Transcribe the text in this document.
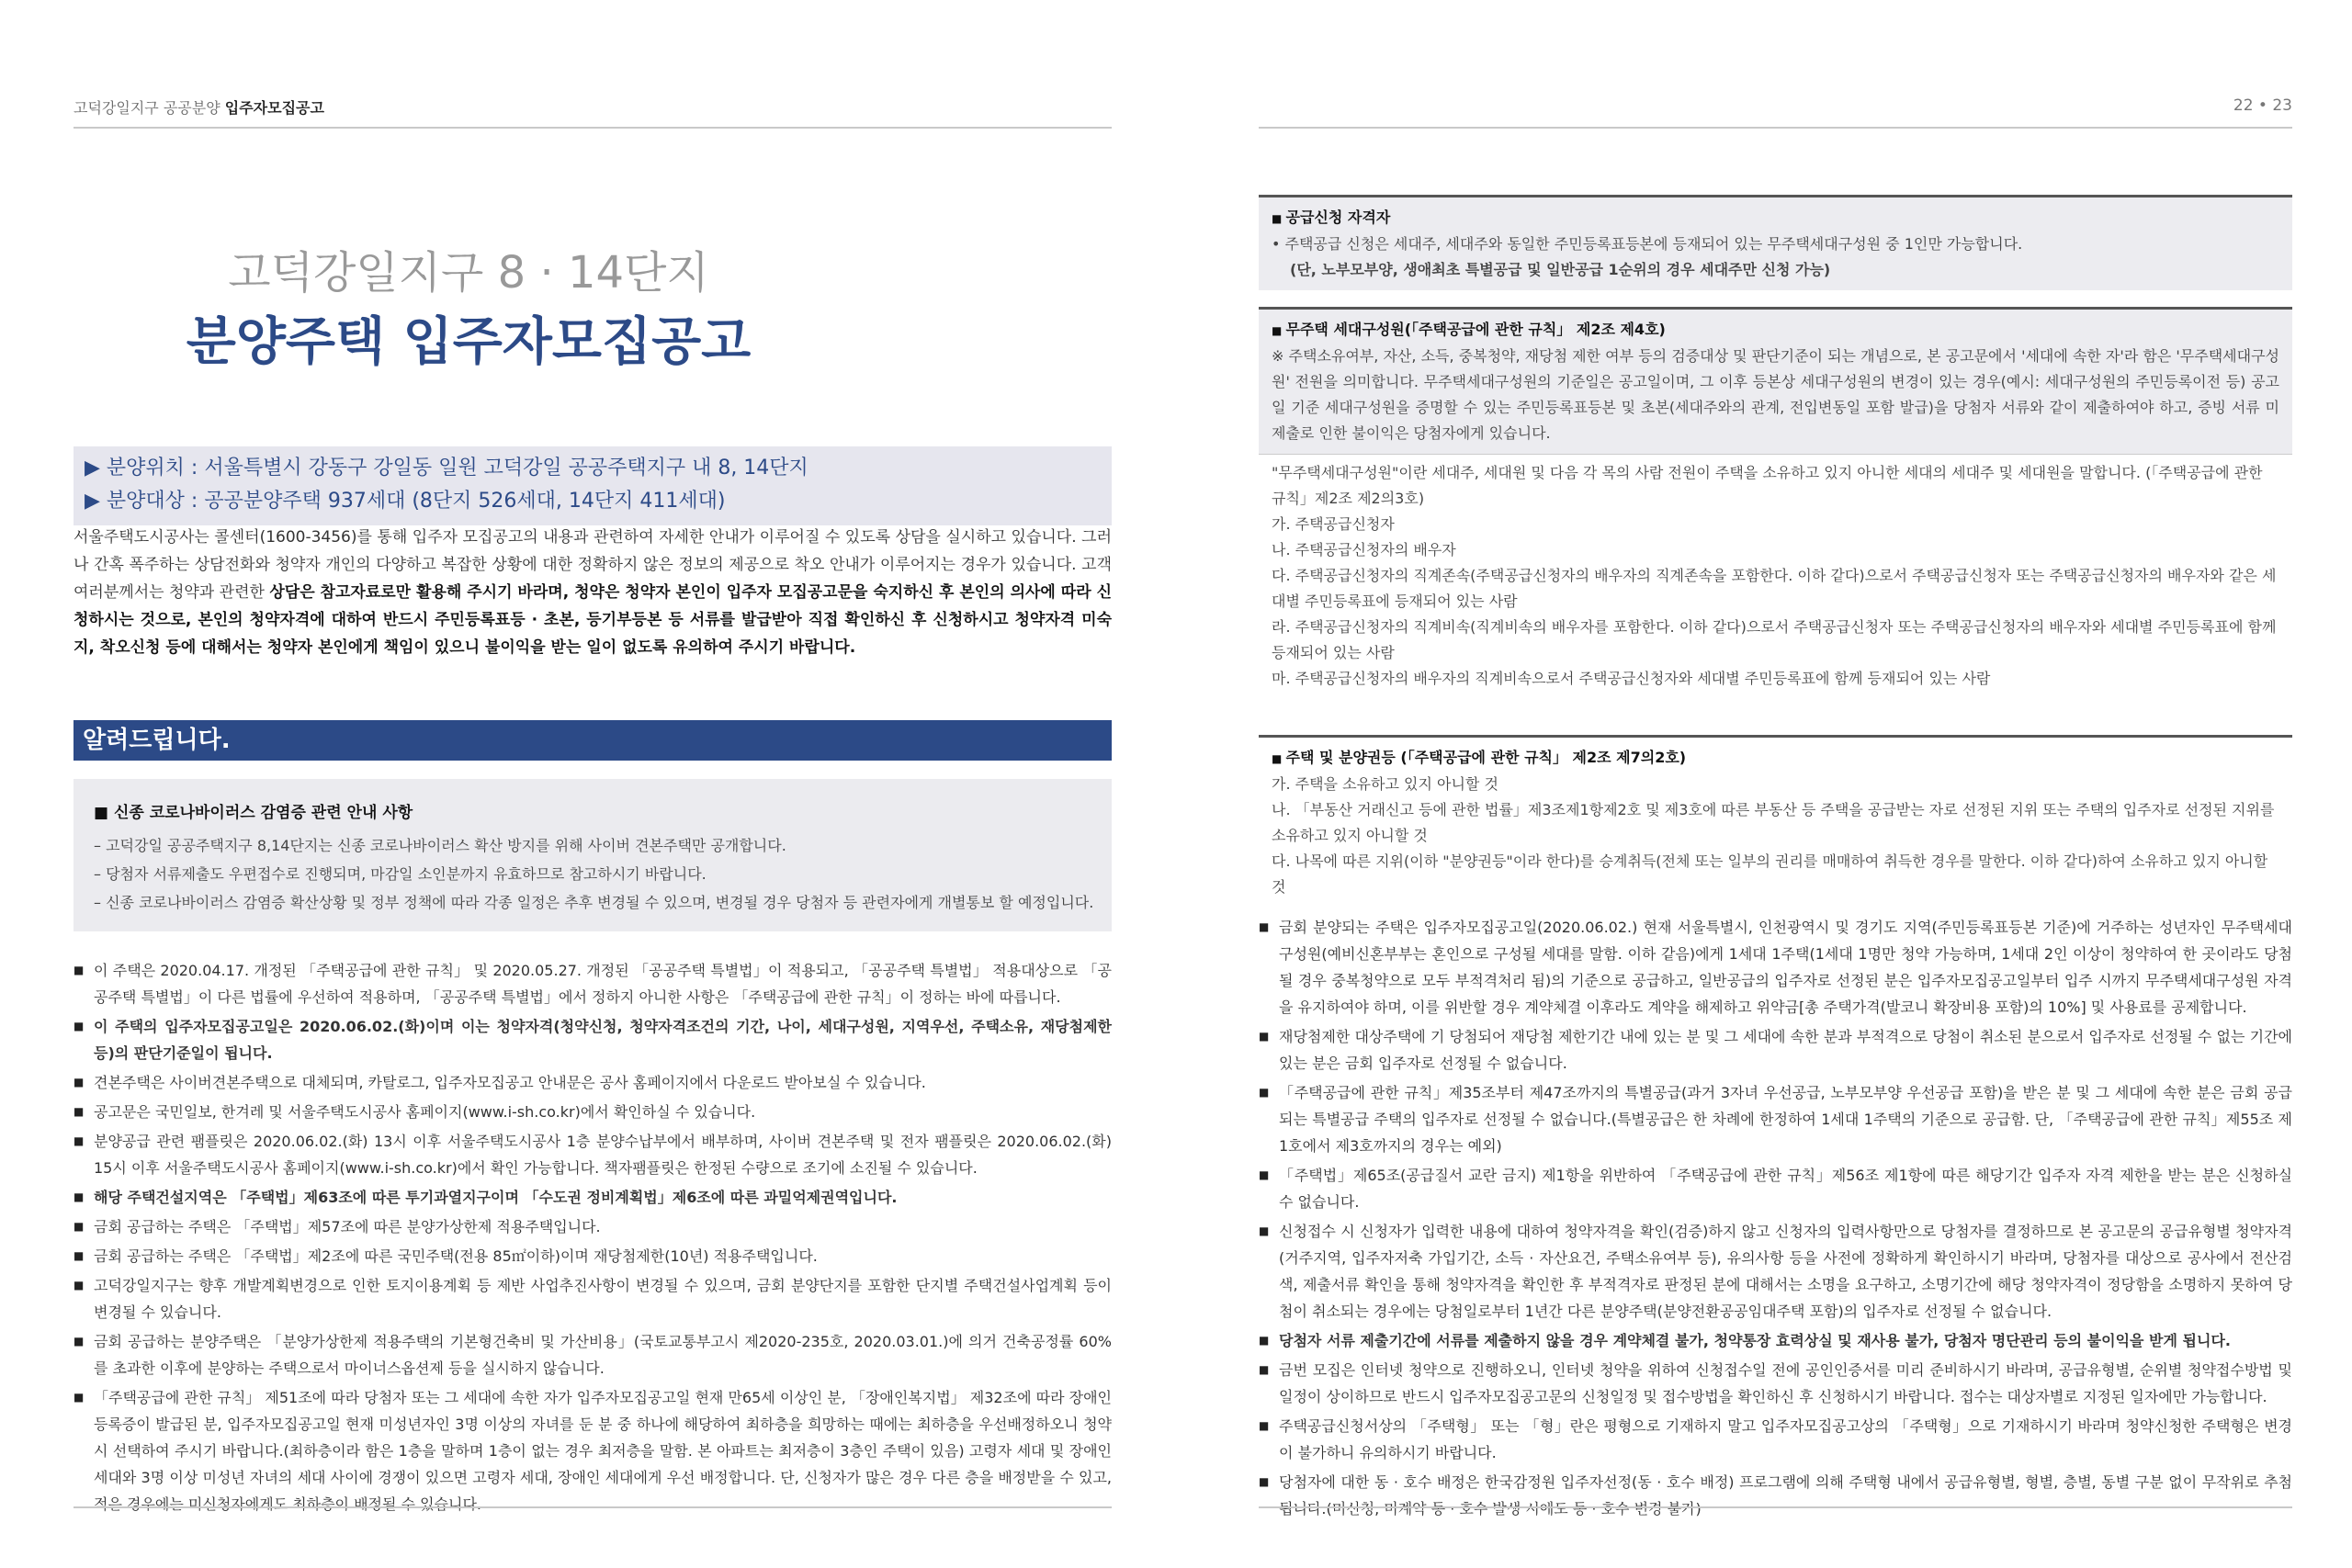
고덕강일지구 공공분양 입주자모집공고
고덕강일지구 8 · 14단지
분양주택 입주자모집공고
▶ 분양위치 : 서울특별시 강동구 강일동 일원 고덕강일 공공주택지구 내 8, 14단지
▶ 분양대상 : 공공분양주택 937세대 (8단지 526세대, 14단지 411세대)
서울주택도시공사는 콜센터(1600-3456)를 통해 입주자 모집공고의 내용과 관련하여 자세한 안내가 이루어질 수 있도록 상담을 실시하고 있습니다. 그러나 간혹 폭주하는 상담전화와 청약자 개인의 다양하고 복잡한 상황에 대한 정확하지 않은 정보의 제공으로 착오 안내가 이루어지는 경우가 있습니다. 고객 여러분께서는 청약과 관련한 상담은 참고자료로만 활용해 주시기 바라며, 청약은 청약자 본인이 입주자 모집공고문을 숙지하신 후 본인의 의사에 따라 신청하시는 것으로, 본인의 청약자격에 대하여 반드시 주민등록표등 · 초본, 등기부등본 등 서류를 발급받아 직접 확인하신 후 신청하시고 청약자격 미숙지, 착오신청 등에 대해서는 청약자 본인에게 책임이 있으니 불이익을 받는 일이 없도록 유의하여 주시기 바랍니다.
알려드립니다.
■ 신종 코로나바이러스 감염증 관련 안내 사항
– 고덕강일 공공주택지구 8,14단지는 신종 코로나바이러스 확산 방지를 위해 사이버 견본주택만 공개합니다.
– 당첨자 서류제출도 우편접수로 진행되며, 마감일 소인분까지 유효하므로 참고하시기 바랍니다.
– 신종 코로나바이러스 감염증 확산상황 및 정부 정책에 따라 각종 일정은 추후 변경될 수 있으며, 변경될 경우 당첨자 등 관련자에게 개별통보 할 예정입니다.
■ 이 주택은 2020.04.17. 개정된 「주택공급에 관한 규칙」 및 2020.05.27. 개정된 「공공주택 특별법」이 적용되고, 「공공주택 특별법」 적용대상으로 「공공주택 특별법」이 다른 법률에 우선하여 적용하며, 「공공주택 특별법」에서 정하지 아니한 사항은 「주택공급에 관한 규칙」이 정하는 바에 따릅니다.
■ 이 주택의 입주자모집공고일은 2020.06.02.(화)이며 이는 청약자격(청약신청, 청약자격조건의 기간, 나이, 세대구성원, 지역우선, 주택소유, 재당첨제한 등)의 판단기준일이 됩니다.
■ 견본주택은 사이버견본주택으로 대체되며, 카탈로그, 입주자모집공고 안내문은 공사 홈페이지에서 다운로드 받아보실 수 있습니다.
■ 공고문은 국민일보, 한겨레 및 서울주택도시공사 홈페이지(www.i-sh.co.kr)에서 확인하실 수 있습니다.
■ 분양공급 관련 팸플릿은 2020.06.02.(화) 13시 이후 서울주택도시공사 1층 분양수납부에서 배부하며, 사이버 견본주택 및 전자 팸플릿은 2020.06.02.(화) 15시 이후 서울주택도시공사 홈페이지(www.i-sh.co.kr)에서 확인 가능합니다. 책자팸플릿은 한정된 수량으로 조기에 소진될 수 있습니다.
■ 해당 주택건설지역은 「주택법」제63조에 따른 투기과열지구이며 「수도권 정비계획법」제6조에 따른 과밀억제권역입니다.
■ 금회 공급하는 주택은 「주택법」제57조에 따른 분양가상한제 적용주택입니다.
■ 금회 공급하는 주택은 「주택법」제2조에 따른 국민주택(전용 85㎡이하)이며 재당첨제한(10년) 적용주택입니다.
■ 고덕강일지구는 향후 개발계획변경으로 인한 토지이용계획 등 제반 사업추진사항이 변경될 수 있으며, 금회 분양단지를 포함한 단지별 주택건설사업계획 등이 변경될 수 있습니다.
■ 금회 공급하는 분양주택은 「분양가상한제 적용주택의 기본형건축비 및 가산비용」(국토교통부고시 제2020-235호, 2020.03.01.)에 의거 건축공정률 60%를 초과한 이후에 분양하는 주택으로서 마이너스옵션제 등을 실시하지 않습니다.
■ 「주택공급에 관한 규칙」 제51조에 따라 당첨자 또는 그 세대에 속한 자가 입주자모집공고일 현재 만65세 이상인 분, 「장애인복지법」 제32조에 따라 장애인등록증이 발급된 분, 입주자모집공고일 현재 미성년자인 3명 이상의 자녀를 둔 분 중 하나에 해당하여 최하층을 희망하는 때에는 최하층을 우선배정하오니 청약 시 선택하여 주시기 바랍니다.(최하층이라 함은 1층을 말하며 1층이 없는 경우 최저층을 말함. 본 아파트는 최저층이 3층인 주택이 있음) 고령자 세대 및 장애인 세대와 3명 이상 미성년 자녀의 세대 사이에 경쟁이 있으면 고령자 세대, 장애인 세대에게 우선 배정합니다. 단, 신청자가 많은 경우 다른 층을 배정받을 수 있고, 적은 경우에는 미신청자에게도 최하층이 배정될 수 있습니다.
22 • 23
■ 공급신청 자격자
• 주택공급 신청은 세대주, 세대주와 동일한 주민등록표등본에 등재되어 있는 무주택세대구성원 중 1인만 가능합니다.
(단, 노부모부양, 생애최초 특별공급 및 일반공급 1순위의 경우 세대주만 신청 가능)
■ 무주택 세대구성원(「주택공급에 관한 규칙」 제2조 제4호)
※ 주택소유여부, 자산, 소득, 중복청약, 재당첨 제한 여부 등의 검증대상 및 판단기준이 되는 개념으로, 본 공고문에서 '세대에 속한 자'라 함은 '무주택세대구성원' 전원을 의미합니다. 무주택세대구성원의 기준일은 공고일이며, 그 이후 등본상 세대구성원의 변경이 있는 경우(예시: 세대구성원의 주민등록이전 등) 공고일 기준 세대구성원을 증명할 수 있는 주민등록표등본 및 초본(세대주와의 관계, 전입변동일 포함 발급)을 당첨자 서류와 같이 제출하여야 하고, 증빙 서류 미제출로 인한 불이익은 당첨자에게 있습니다.
"무주택세대구성원"이란 세대주, 세대원 및 다음 각 목의 사람 전원이 주택을 소유하고 있지 아니한 세대의 세대주 및 세대원을 말합니다. (「주택공급에 관한 규칙」제2조 제2의3호)
가. 주택공급신청자
나. 주택공급신청자의 배우자
다. 주택공급신청자의 직계존속(주택공급신청자의 배우자의 직계존속을 포함한다. 이하 같다)으로서 주택공급신청자 또는 주택공급신청자의 배우자와 같은 세대별 주민등록표에 등재되어 있는 사람
라. 주택공급신청자의 직계비속(직계비속의 배우자를 포함한다. 이하 같다)으로서 주택공급신청자 또는 주택공급신청자의 배우자와 세대별 주민등록표에 함께 등재되어 있는 사람
마. 주택공급신청자의 배우자의 직계비속으로서 주택공급신청자와 세대별 주민등록표에 함께 등재되어 있는 사람
■ 주택 및 분양권등 (「주택공급에 관한 규칙」 제2조 제7의2호)
가. 주택을 소유하고 있지 아니할 것
나. 「부동산 거래신고 등에 관한 법률」제3조제1항제2호 및 제3호에 따른 부동산 등 주택을 공급받는 자로 선정된 지위 또는 주택의 입주자로 선정된 지위를 소유하고 있지 아니할 것
다. 나목에 따른 지위(이하 "분양권등"이라 한다)를 승계취득(전체 또는 일부의 권리를 매매하여 취득한 경우를 말한다. 이하 같다)하여 소유하고 있지 아니할 것
■ 금회 분양되는 주택은 입주자모집공고일(2020.06.02.) 현재 서울특별시, 인천광역시 및 경기도 지역(주민등록표등본 기준)에 거주하는 성년자인 무주택세대구성원(예비신혼부부는 혼인으로 구성될 세대를 말함. 이하 같음)에게 1세대 1주택(1세대 1명만 청약 가능하며, 1세대 2인 이상이 청약하여 한 곳이라도 당첨될 경우 중복청약으로 모두 부적격처리 됨)의 기준으로 공급하고, 일반공급의 입주자로 선정된 분은 입주자모집공고일부터 입주 시까지 무주택세대구성원 자격을 유지하여야 하며, 이를 위반할 경우 계약체결 이후라도 계약을 해제하고 위약금[총 주택가격(발코니 확장비용 포함)의 10%] 및 사용료를 공제합니다.
■ 재당첨제한 대상주택에 기 당첨되어 재당첨 제한기간 내에 있는 분 및 그 세대에 속한 분과 부적격으로 당첨이 취소된 분으로서 입주자로 선정될 수 없는 기간에 있는 분은 금회 입주자로 선정될 수 없습니다.
■ 「주택공급에 관한 규칙」제35조부터 제47조까지의 특별공급(과거 3자녀 우선공급, 노부모부양 우선공급 포함)을 받은 분 및 그 세대에 속한 분은 금회 공급되는 특별공급 주택의 입주자로 선정될 수 없습니다.(특별공급은 한 차례에 한정하여 1세대 1주택의 기준으로 공급함. 단, 「주택공급에 관한 규칙」제55조 제1호에서 제3호까지의 경우는 예외)
■ 「주택법」제65조(공급질서 교란 금지) 제1항을 위반하여 「주택공급에 관한 규칙」제56조 제1항에 따른 해당기간 입주자 자격 제한을 받는 분은 신청하실 수 없습니다.
■ 신청접수 시 신청자가 입력한 내용에 대하여 청약자격을 확인(검증)하지 않고 신청자의 입력사항만으로 당첨자를 결정하므로 본 공고문의 공급유형별 청약자격(거주지역, 입주자저축 가입기간, 소득 · 자산요건, 주택소유여부 등), 유의사항 등을 사전에 정확하게 확인하시기 바라며, 당첨자를 대상으로 공사에서 전산검색, 제출서류 확인을 통해 청약자격을 확인한 후 부적격자로 판정된 분에 대해서는 소명을 요구하고, 소명기간에 해당 청약자격이 정당함을 소명하지 못하여 당첨이 취소되는 경우에는 당첨일로부터 1년간 다른 분양주택(분양전환공공임대주택 포함)의 입주자로 선정될 수 없습니다.
■ 당첨자 서류 제출기간에 서류를 제출하지 않을 경우 계약체결 불가, 청약통장 효력상실 및 재사용 불가, 당첨자 명단관리 등의 불이익을 받게 됩니다.
■ 금번 모집은 인터넷 청약으로 진행하오니, 인터넷 청약을 위하여 신청접수일 전에 공인인증서를 미리 준비하시기 바라며, 공급유형별, 순위별 청약접수방법 및 일정이 상이하므로 반드시 입주자모집공고문의 신청일정 및 접수방법을 확인하신 후 신청하시기 바랍니다. 접수는 대상자별로 지정된 일자에만 가능합니다.
■ 주택공급신청서상의 「주택형」 또는 「형」란은 평형으로 기재하지 말고 입주자모집공고상의 「주택형」으로 기재하시기 바라며 청약신청한 주택형은 변경이 불가하니 유의하시기 바랍니다.
■ 당첨자에 대한 동 · 호수 배정은 한국감정원 입주자선정(동 · 호수 배정) 프로그램에 의해 주택형 내에서 공급유형별, 형별, 층별, 동별 구분 없이 무작위로 추첨됩니다.(미신청, 미계약 동 · 호수 발생 시에도 동 · 호수 변경 불가)
